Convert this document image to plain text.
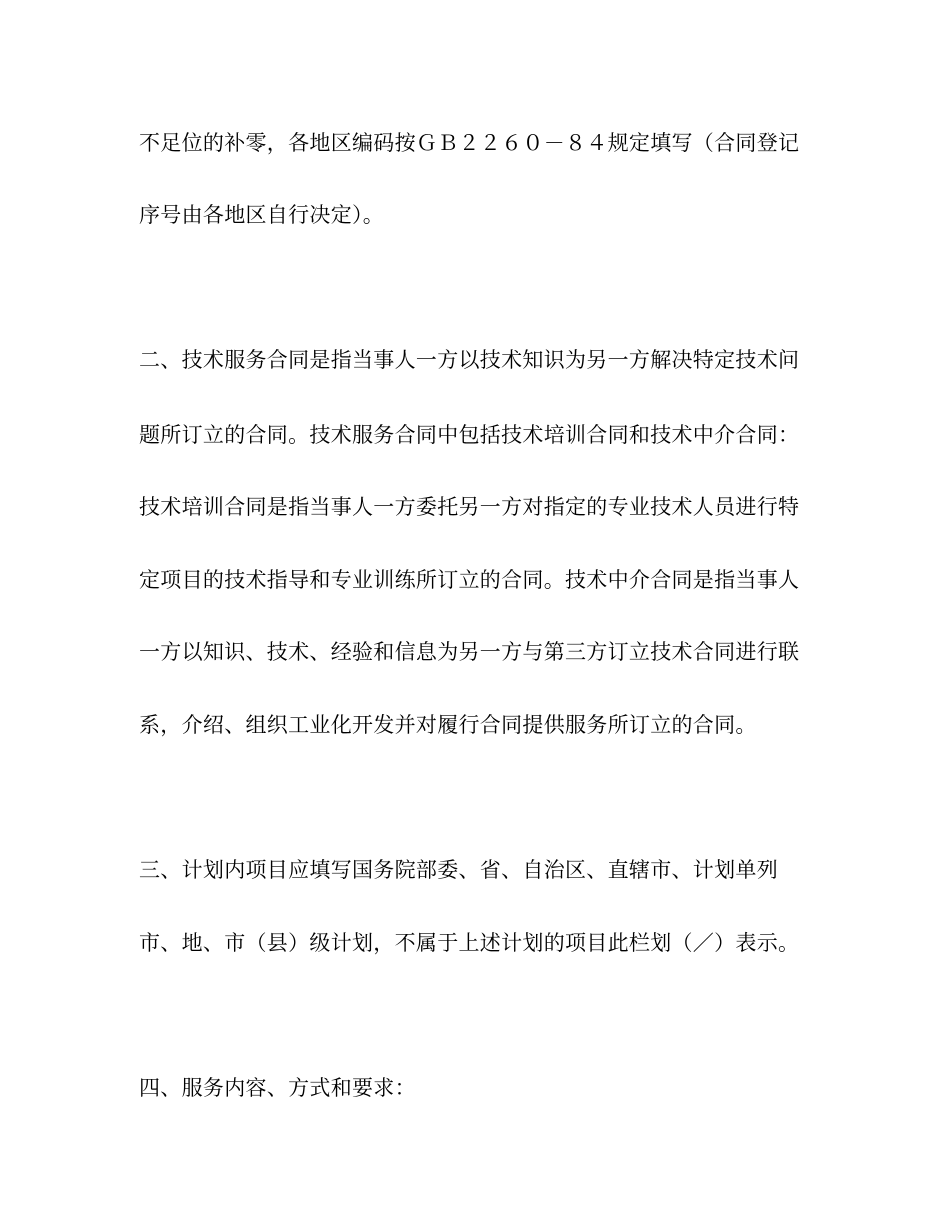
不足位的补零，各地区编码按ＧＢ２２６０－８４规定填写（合同登记
序号由各地区自行决定）。
二、技术服务合同是指当事人一方以技术知识为另一方解决特定技术问
题所订立的合同。技术服务合同中包括技术培训合同和技术中介合同：
技术培训合同是指当事人一方委托另一方对指定的专业技术人员进行特
定项目的技术指导和专业训练所订立的合同。技术中介合同是指当事人
一方以知识、技术、经验和信息为另一方与第三方订立技术合同进行联
系，介绍、组织工业化开发并对履行合同提供服务所订立的合同。
三、计划内项目应填写国务院部委、省、自治区、直辖市、计划单列
市、地、市（县）级计划，不属于上述计划的项目此栏划（／）表示。
四、服务内容、方式和要求：
